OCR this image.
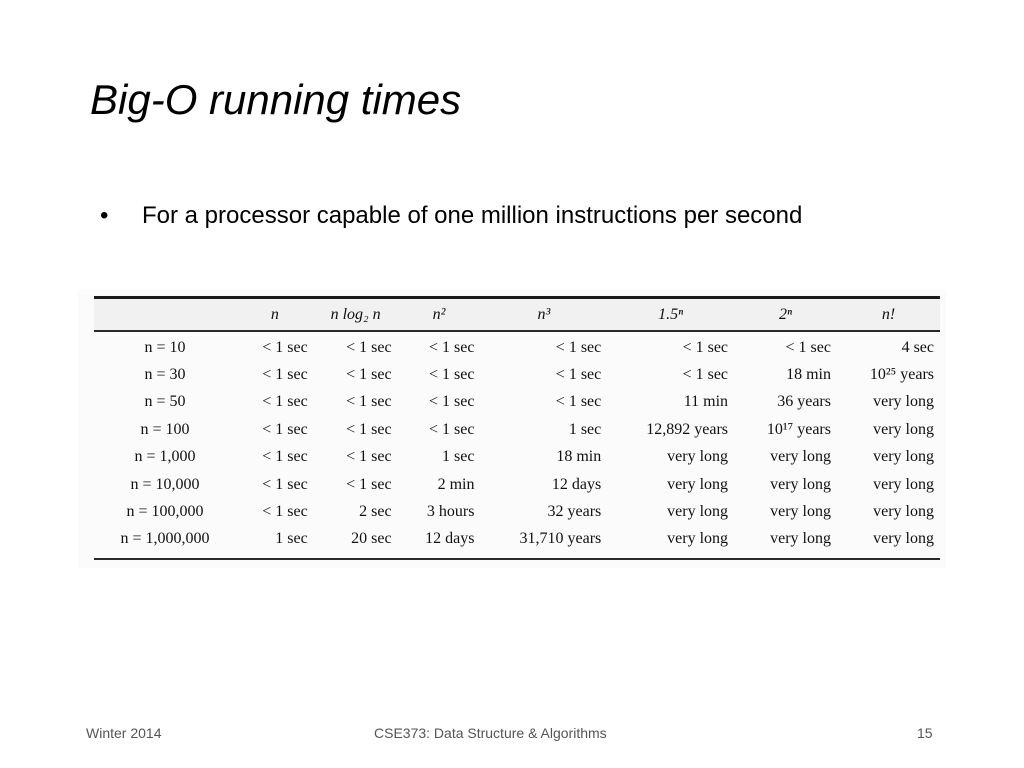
Big-O running times
•	For a processor capable of one million instructions per second
	n	n log₂ n	n²	n³	1.5ⁿ	2ⁿ	n!
n = 10	< 1 sec	< 1 sec	< 1 sec	< 1 sec	< 1 sec	< 1 sec	4 sec
n = 30	< 1 sec	< 1 sec	< 1 sec	< 1 sec	< 1 sec	18 min	10²⁵ years
n = 50	< 1 sec	< 1 sec	< 1 sec	< 1 sec	11 min	36 years	very long
n = 100	< 1 sec	< 1 sec	< 1 sec	1 sec	12,892 years	10¹⁷ years	very long
n = 1,000	< 1 sec	< 1 sec	1 sec	18 min	very long	very long	very long
n = 10,000	< 1 sec	< 1 sec	2 min	12 days	very long	very long	very long
n = 100,000	< 1 sec	2 sec	3 hours	32 years	very long	very long	very long
n = 1,000,000	1 sec	20 sec	12 days	31,710 years	very long	very long	very long
Winter 2014	CSE373: Data Structure & Algorithms	15
